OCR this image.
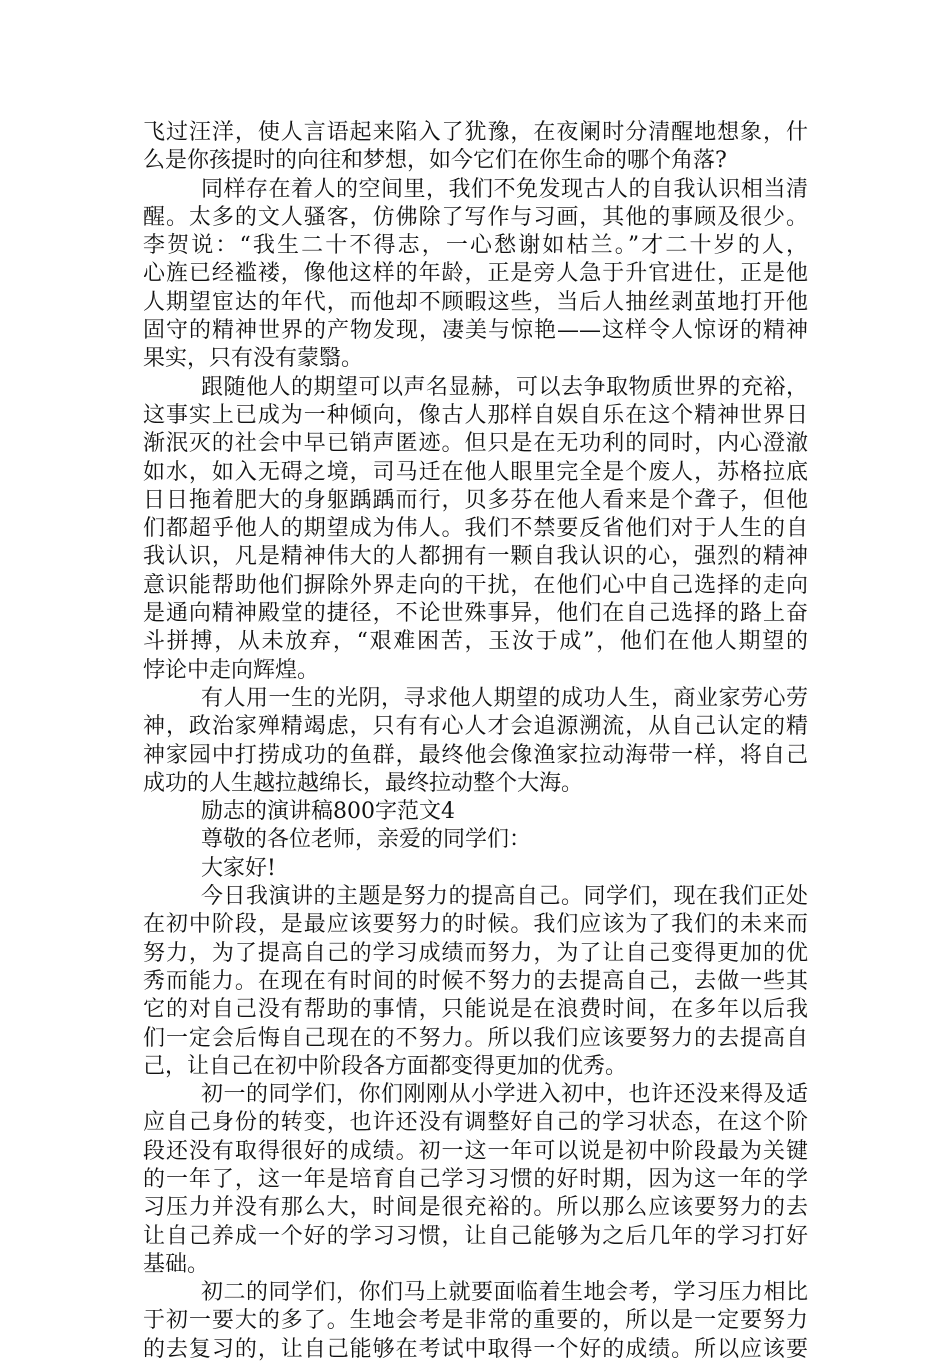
飞过汪洋，使人言语起来陷入了犹豫，在夜阑时分清醒地想象，什
么是你孩提时的向往和梦想，如今它们在你生命的哪个角落?
同样存在着人的空间里，我们不免发现古人的自我认识相当清
醒。太多的文人骚客，仿佛除了写作与习画，其他的事顾及很少。
李贺说：“我生二十不得志，一心愁谢如枯兰。”才二十岁的人，
心旌已经褴褛，像他这样的年龄，正是旁人急于升官进仕，正是他
人期望宦达的年代，而他却不顾暇这些，当后人抽丝剥茧地打开他
固守的精神世界的产物发现，凄美与惊艳——这样令人惊讶的精神
果实，只有没有蒙翳。
跟随他人的期望可以声名显赫，可以去争取物质世界的充裕，
这事实上已成为一种倾向，像古人那样自娱自乐在这个精神世界日
渐泯灭的社会中早已销声匿迹。但只是在无功利的同时，内心澄澈
如水，如入无碍之境，司马迁在他人眼里完全是个废人，苏格拉底
日日拖着肥大的身躯踽踽而行，贝多芬在他人看来是个聋子，但他
们都超乎他人的期望成为伟人。我们不禁要反省他们对于人生的自
我认识，凡是精神伟大的人都拥有一颗自我认识的心，强烈的精神
意识能帮助他们摒除外界走向的干扰，在他们心中自己选择的走向
是通向精神殿堂的捷径，不论世殊事异，他们在自己选择的路上奋
斗拼搏，从未放弃，“艰难困苦，玉汝于成”，他们在他人期望的
悖论中走向辉煌。
有人用一生的光阴，寻求他人期望的成功人生，商业家劳心劳
神，政治家殚精竭虑，只有有心人才会追源溯流，从自己认定的精
神家园中打捞成功的鱼群，最终他会像渔家拉动海带一样，将自己
成功的人生越拉越绵长，最终拉动整个大海。
励志的演讲稿800字范文4
尊敬的各位老师，亲爱的同学们：
大家好!
今日我演讲的主题是努力的提高自己。同学们，现在我们正处
在初中阶段，是最应该要努力的时候。我们应该为了我们的未来而
努力，为了提高自己的学习成绩而努力，为了让自己变得更加的优
秀而能力。在现在有时间的时候不努力的去提高自己，去做一些其
它的对自己没有帮助的事情，只能说是在浪费时间，在多年以后我
们一定会后悔自己现在的不努力。所以我们应该要努力的去提高自
己，让自己在初中阶段各方面都变得更加的优秀。
初一的同学们，你们刚刚从小学进入初中，也许还没来得及适
应自己身份的转变，也许还没有调整好自己的学习状态，在这个阶
段还没有取得很好的成绩。初一这一年可以说是初中阶段最为关键
的一年了，这一年是培育自己学习习惯的好时期，因为这一年的学
习压力并没有那么大，时间是很充裕的。所以那么应该要努力的去
让自己养成一个好的学习习惯，让自己能够为之后几年的学习打好
基础。
初二的同学们，你们马上就要面临着生地会考，学习压力相比
于初一要大的多了。生地会考是非常的重要的，所以是一定要努力
的去复习的，让自己能够在考试中取得一个好的成绩。所以应该要
